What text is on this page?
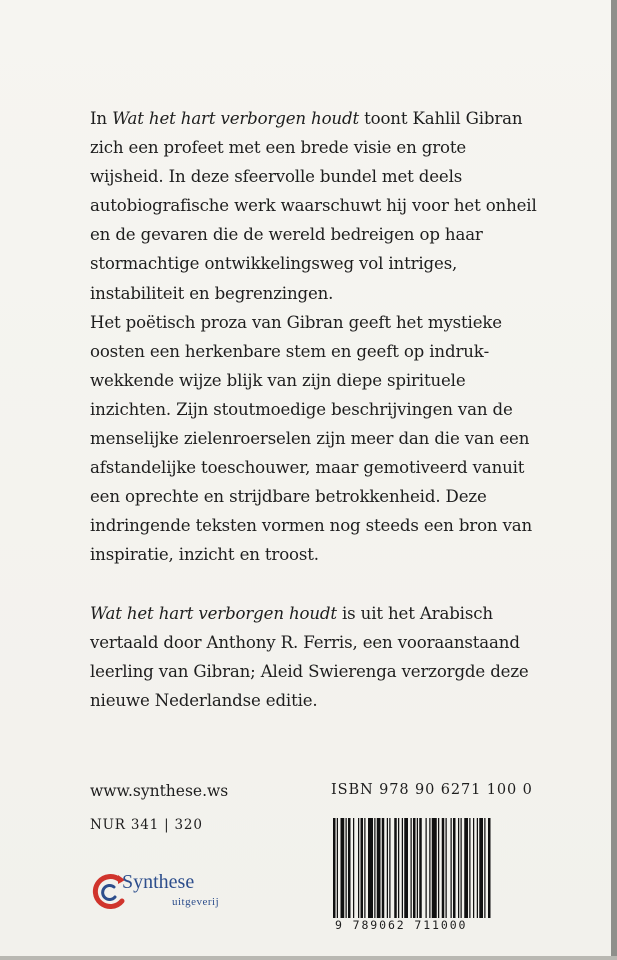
In Wat het hart verborgen houdt toont Kahlil Gibran zich een profeet met een brede visie en grote wijsheid. In deze sfeervolle bundel met deels autobiografische werk waarschuwt hij voor het onheil en de gevaren die de wereld bedreigen op haar stormachtige ontwikkelingsweg vol intriges, instabiliteit en begrenzingen.

Het poëtisch proza van Gibran geeft het mystieke oosten een herkenbare stem en geeft op indrukwekkende wijze blijk van zijn diepe spirituele inzichten. Zijn stoutmoedige beschrijvingen van de menselijke zielenroerselen zijn meer dan die van een afstandelijke toeschouwer, maar gemotiveerd vanuit een oprechte en strijdbare betrokkenheid. Deze indringende teksten vormen nog steeds een bron van inspiratie, inzicht en troost.

Wat het hart verborgen houdt is uit het Arabisch vertaald door Anthony R. Ferris, een vooraanstaand leerling van Gibran; Aleid Swierenga verzorgde deze nieuwe Nederlandse editie.

www.synthese.ws
NUR 341 | 320
ISBN 978 90 6271 100 0
9 789062 711000
Synthese
uitgeverij
